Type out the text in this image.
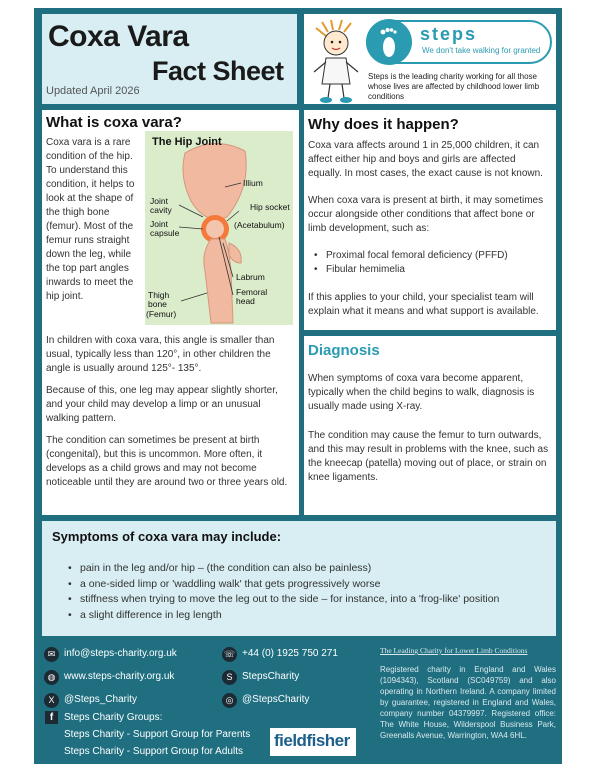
Coxa Vara
Fact Sheet
Updated April 2026
steps
We don't take walking for granted
Steps is the leading charity working for all those whose lives are affected by childhood lower limb conditions
What is coxa vara?
Coxa vara is a rare condition of the hip. To understand this condition, it helps to look at the shape of the thigh bone (femur). Most of the femur runs straight down the leg, while the top part angles inwards to meet the hip joint.
The Hip Joint
Illium
Joint cavity
Joint capsule
Hip socket
(Acetabulum)
Labrum
Femoral head
Thigh bone
(Femur)
In children with coxa vara, this angle is smaller than usual, typically less than 120°, in other children the angle is usually around 125°- 135°.
Because of this, one leg may appear slightly shorter, and your child may develop a limp or an unusual walking pattern.
The condition can sometimes be present at birth (congenital), but this is uncommon. More often, it develops as a child grows and may not become noticeable until they are around two or three years old.
Why does it happen?
Coxa vara affects around 1 in 25,000 children, it can affect either hip and boys and girls are affected equally. In most cases, the exact cause is not known.
When coxa vara is present at birth, it may sometimes occur alongside other conditions that affect bone or limb development, such as:
• Proximal focal femoral deficiency (PFFD)
• Fibular hemimelia
If this applies to your child, your specialist team will explain what it means and what support is available.
Diagnosis
When symptoms of coxa vara become apparent, typically when the child begins to walk, diagnosis is usually made using X-ray.
The condition may cause the femur to turn outwards, and this may result in problems with the knee, such as the kneecap (patella) moving out of place, or strain on knee ligaments.
Symptoms of coxa vara may include:
• pain in the leg and/or hip – (the condition can also be painless)
• a one-sided limp or 'waddling walk' that gets progressively worse
• stiffness when trying to move the leg out to the side – for instance, into a 'frog-like' position
• a slight difference in leg length
✉ info@steps-charity.org.uk
◍ www.steps-charity.org.uk
X @Steps_Charity
☏ +44 (0) 1925 750 271
S StepsCharity
◎ @StepsCharity
f	Steps Charity Groups:
Steps Charity - Support Group for Parents
Steps Charity - Support Group for Adults
fieldfisher
The Leading Charity for Lower Limb Conditions
Registered charity in England and Wales (1094343), Scotland (SC049759) and also operating in Northern Ireland. A company limited by guarantee, registered in England and Wales, company number 04379997. Registered office: The White House, Wilderspool Business Park, Greenalls Avenue, Warrington, WA4 6HL.
